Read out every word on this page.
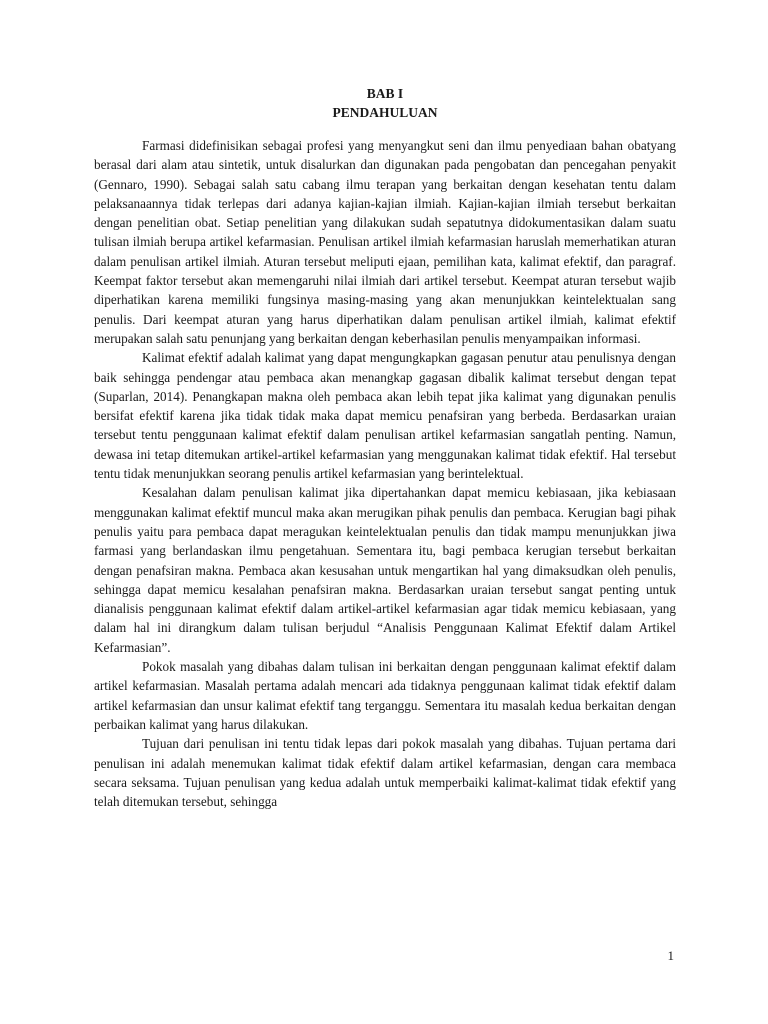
BAB I
PENDAHULUAN

Farmasi didefinisikan sebagai profesi yang menyangkut seni dan ilmu penyediaan bahan obatyang berasal dari alam atau sintetik, untuk disalurkan dan digunakan pada pengobatan dan pencegahan penyakit (Gennaro, 1990). Sebagai salah satu cabang ilmu terapan yang berkaitan dengan kesehatan tentu dalam pelaksanaannya tidak terlepas dari adanya kajian-kajian ilmiah. Kajian-kajian ilmiah tersebut berkaitan dengan penelitian obat. Setiap penelitian yang dilakukan sudah sepatutnya didokumentasikan dalam suatu tulisan ilmiah berupa artikel kefarmasian. Penulisan artikel ilmiah kefarmasian haruslah memerhatikan aturan dalam penulisan artikel ilmiah. Aturan tersebut meliputi ejaan, pemilihan kata, kalimat efektif, dan paragraf. Keempat faktor tersebut akan memengaruhi nilai ilmiah dari artikel tersebut. Keempat aturan tersebut wajib diperhatikan karena memiliki fungsinya masing-masing yang akan menunjukkan keintelektualan sang penulis. Dari keempat aturan yang harus diperhatikan dalam penulisan artikel ilmiah, kalimat efektif merupakan salah satu penunjang yang berkaitan dengan keberhasilan penulis menyampaikan informasi.

Kalimat efektif adalah kalimat yang dapat mengungkapkan gagasan penutur atau penulisnya dengan baik sehingga pendengar atau pembaca akan menangkap gagasan dibalik kalimat tersebut dengan tepat (Suparlan, 2014). Penangkapan makna oleh pembaca akan lebih tepat jika kalimat yang digunakan penulis bersifat efektif karena jika tidak tidak maka dapat memicu penafsiran yang berbeda. Berdasarkan uraian tersebut tentu penggunaan kalimat efektif dalam penulisan artikel kefarmasian sangatlah penting. Namun, dewasa ini tetap ditemukan artikel-artikel kefarmasian yang menggunakan kalimat tidak efektif. Hal tersebut tentu tidak menunjukkan seorang penulis artikel kefarmasian yang berintelektual.

Kesalahan dalam penulisan kalimat jika dipertahankan dapat memicu kebiasaan, jika kebiasaan menggunakan kalimat efektif muncul maka akan merugikan pihak penulis dan pembaca. Kerugian bagi pihak penulis yaitu para pembaca dapat meragukan keintelektualan penulis dan tidak mampu menunjukkan jiwa farmasi yang berlandaskan ilmu pengetahuan. Sementara itu, bagi pembaca kerugian tersebut berkaitan dengan penafsiran makna. Pembaca akan kesusahan untuk mengartikan hal yang dimaksudkan oleh penulis, sehingga dapat memicu kesalahan penafsiran makna. Berdasarkan uraian tersebut sangat penting untuk dianalisis penggunaan kalimat efektif dalam artikel-artikel kefarmasian agar tidak memicu kebiasaan, yang dalam hal ini dirangkum dalam tulisan berjudul “Analisis Penggunaan Kalimat Efektif dalam Artikel Kefarmasian”.

Pokok masalah yang dibahas dalam tulisan ini berkaitan dengan penggunaan kalimat efektif dalam artikel kefarmasian. Masalah pertama adalah mencari ada tidaknya penggunaan kalimat tidak efektif dalam artikel kefarmasian dan unsur kalimat efektif tang terganggu. Sementara itu masalah kedua berkaitan dengan perbaikan kalimat yang harus dilakukan.

Tujuan dari penulisan ini tentu tidak lepas dari pokok masalah yang dibahas. Tujuan pertama dari penulisan ini adalah menemukan kalimat tidak efektif dalam artikel kefarmasian, dengan cara membaca secara seksama. Tujuan penulisan yang kedua adalah untuk memperbaiki kalimat-kalimat tidak efektif yang telah ditemukan tersebut, sehingga

1
